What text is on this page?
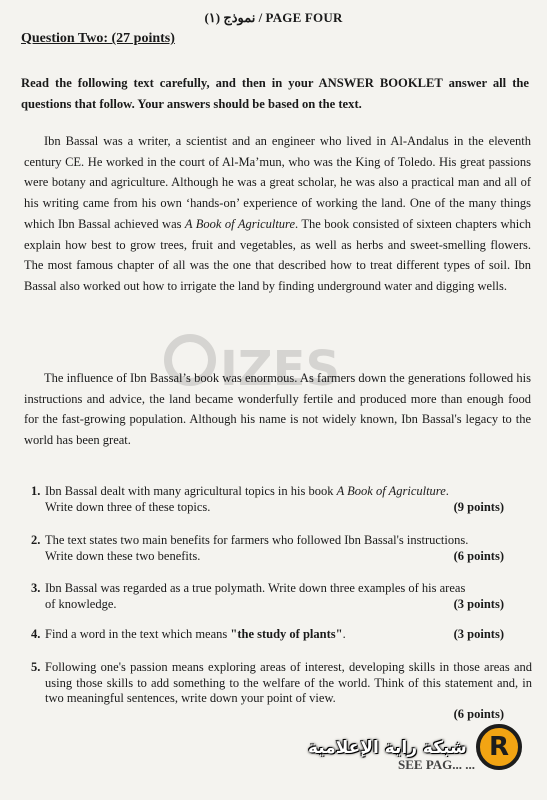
نموذج (١) / PAGE FOUR
Question Two: (27 points)
Read the following text carefully, and then in your ANSWER BOOKLET answer all the questions that follow. Your answers should be based on the text.
IZES
Ibn Bassal was a writer, a scientist and an engineer who lived in Al-Andalus in the eleventh century CE. He worked in the court of Al-Ma’mun, who was the King of Toledo. His great passions were botany and agriculture. Although he was a great scholar, he was also a practical man and all of his writing came from his own ‘hands-on’ experience of working the land. One of the many things which Ibn Bassal achieved was A Book of Agriculture. The book consisted of sixteen chapters which explain how best to grow trees, fruit and vegetables, as well as herbs and sweet-smelling flowers. The most famous chapter of all was the one that described how to treat different types of soil. Ibn Bassal also worked out how to irrigate the land by finding underground water and digging wells.
The influence of Ibn Bassal’s book was enormous. As farmers down the generations followed his instructions and advice, the land became wonderfully fertile and produced more than enough food for the fast-growing population. Although his name is not widely known, Ibn Bassal's legacy to the world has been great.
1. Ibn Bassal dealt with many agricultural topics in his book A Book of Agriculture.
Write down three of these topics.	(9 points)
2. The text states two main benefits for farmers who followed Ibn Bassal's instructions.
Write down these two benefits.	(6 points)
3. Ibn Bassal was regarded as a true polymath. Write down three examples of his areas
of knowledge.	(3 points)
4. Find a word in the text which means "the study of plants".	(3 points)
5. Following one's passion means exploring areas of interest, developing skills in those areas and using those skills to add something to the welfare of the world. Think of this statement and, in two meaningful sentences, write down your point of view.
(6 points)
SEE PAG... ...
شبكة راية الإعلامية R
